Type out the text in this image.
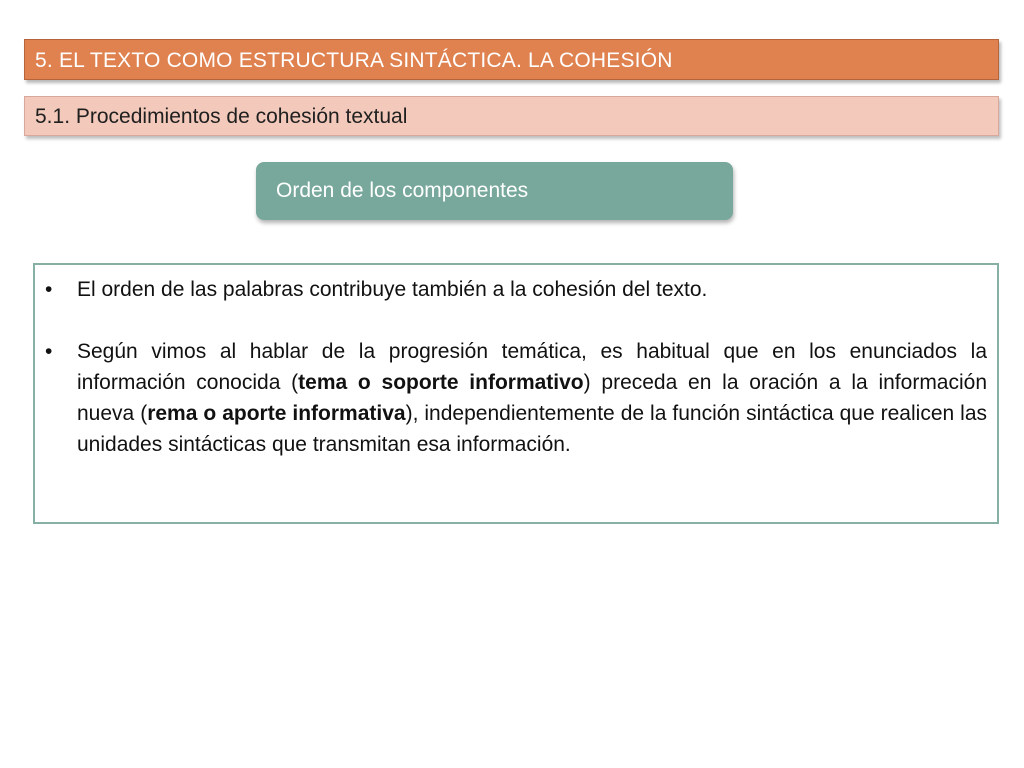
5. EL TEXTO COMO ESTRUCTURA SINTÁCTICA. LA COHESIÓN
5.1. Procedimientos de cohesión textual
Orden de los componentes
•	El orden de las palabras contribuye también a la cohesión del texto.
•	Según vimos al hablar de la progresión temática, es habitual que en los enunciados la información conocida (tema o soporte informativo) preceda en la oración a la información nueva (rema o aporte informativa), independientemente de la función sintáctica que realicen las unidades sintácticas que transmitan esa información.
